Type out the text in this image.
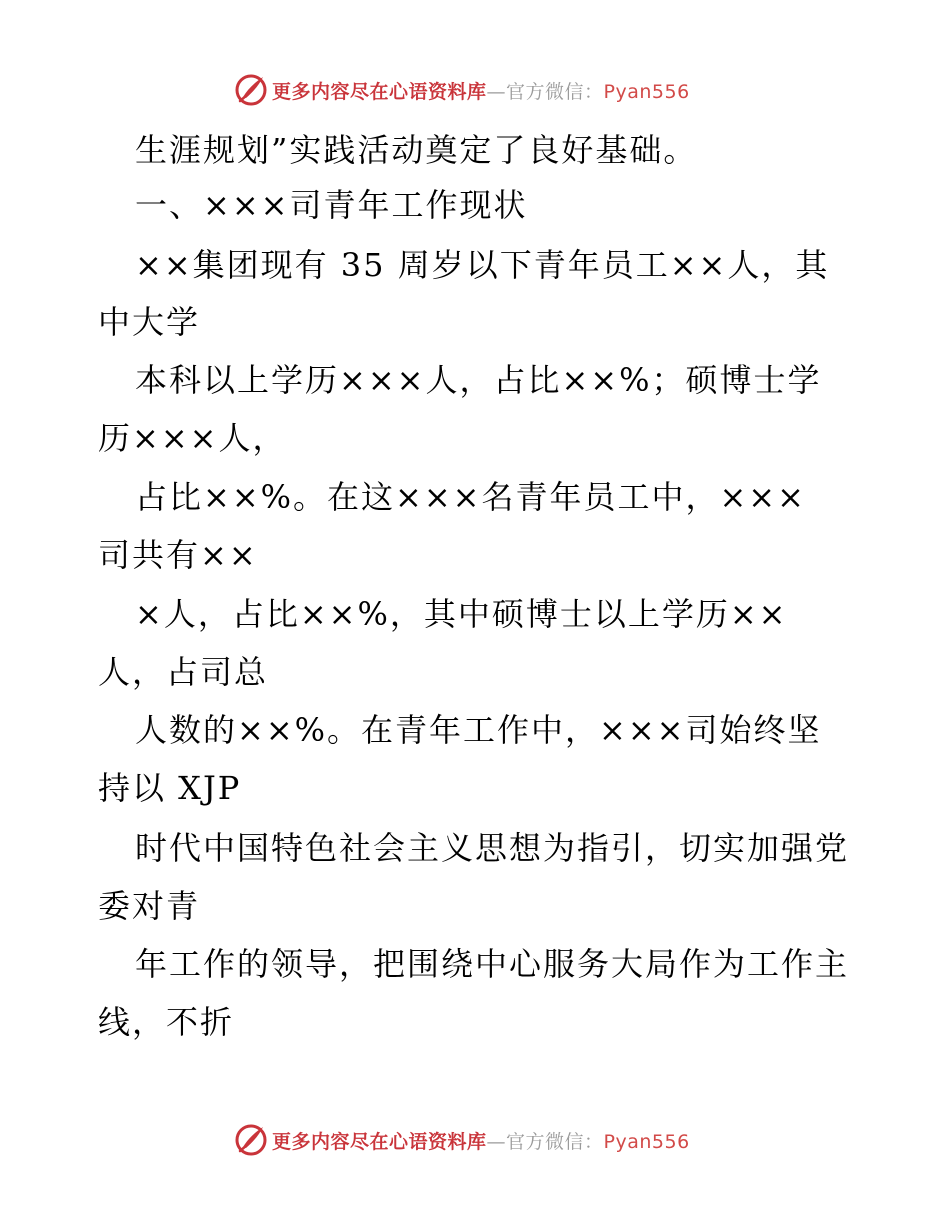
更多内容尽在心语资料库—官方微信：Pyan556
生涯规划”实践活动奠定了良好基础。
一、×××司青年工作现状
××集团现有 35 周岁以下青年员工××人，其
中大学
本科以上学历×××人，占比××%；硕博士学
历×××人，
占比××%。在这×××名青年员工中，×××
司共有××
×人，占比××%，其中硕博士以上学历××
人，占司总
人数的××%。在青年工作中，×××司始终坚
持以 XJP
时代中国特色社会主义思想为指引，切实加强党
委对青
年工作的领导，把围绕中心服务大局作为工作主
线，不折
更多内容尽在心语资料库—官方微信：Pyan556
